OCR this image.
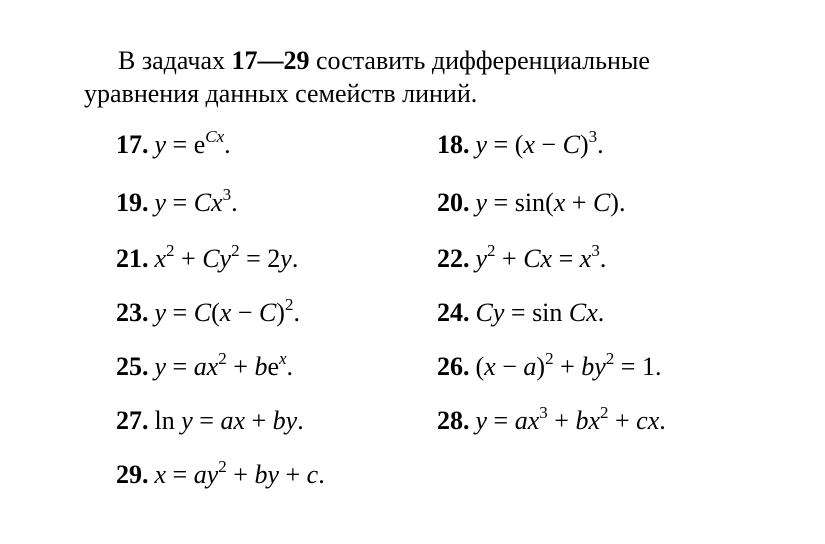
В задачах 17—29 составить дифференциальные
уравнения данных семейств линий.

17. $y = e^{Cx}$.	18. $y = (x - C)^3$.
19. $y = Cx^3$.	20. y = sin(x + C).
21. $x^2 + Cy^2 = 2y$.	22. $y^2 + Cx = x^3$.
23. $y = C(x - C)^2$.	24. Cy = sin Cx.
25. $y = ax^2 + be^x$.	26. $(x - a)^2 + by^2 = 1$.
27. ln y = ax + by.	28. $y = ax^3 + bx^2$ + cx.
29. $x = ay^2$ + by + c.
